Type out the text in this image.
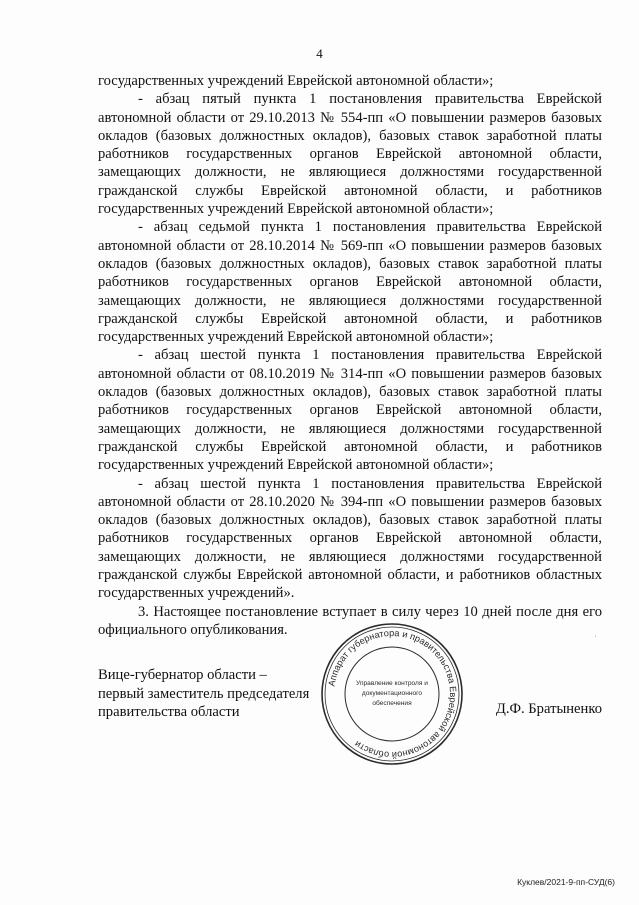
4

государственных учреждений Еврейской автономной области»;

- абзац пятый пункта 1 постановления правительства Еврейской автономной области от 29.10.2013 № 554-пп «О повышении размеров базовых окладов (базовых должностных окладов), базовых ставок заработной платы работников государственных органов Еврейской автономной области, замещающих должности, не являющиеся должностями государственной гражданской службы Еврейской автономной области, и работников государственных учреждений Еврейской автономной области»;

- абзац седьмой пункта 1 постановления правительства Еврейской автономной области от 28.10.2014 № 569-пп «О повышении размеров базовых окладов (базовых должностных окладов), базовых ставок заработной платы работников государственных органов Еврейской автономной области, замещающих должности, не являющиеся должностями государственной гражданской службы Еврейской автономной области, и работников государственных учреждений Еврейской автономной области»;

- абзац шестой пункта 1 постановления правительства Еврейской автономной области от 08.10.2019 № 314-пп «О повышении размеров базовых окладов (базовых должностных окладов), базовых ставок заработной платы работников государственных органов Еврейской автономной области, замещающих должности, не являющиеся должностями государственной гражданской службы Еврейской автономной области, и работников государственных учреждений Еврейской автономной области»;

- абзац шестой пункта 1 постановления правительства Еврейской автономной области от 28.10.2020 № 394-пп «О повышении размеров базовых окладов (базовых должностных окладов), базовых ставок заработной платы работников государственных органов Еврейской автономной области, замещающих должности, не являющиеся должностями государственной гражданской службы Еврейской автономной области, и работников областных государственных учреждений».

3. Настоящее постановление вступает в силу через 10 дней после дня его официального опубликования.

Вице-губернатор области –
первый заместитель председателя
правительства области	Д.Ф. Братыненко
Аппарат губернатора и правительства Еврейской автономной области
Управление контроля и
документационного
обеспечения
ˌ
Куклев/2021-9-пп-СУД(6)
